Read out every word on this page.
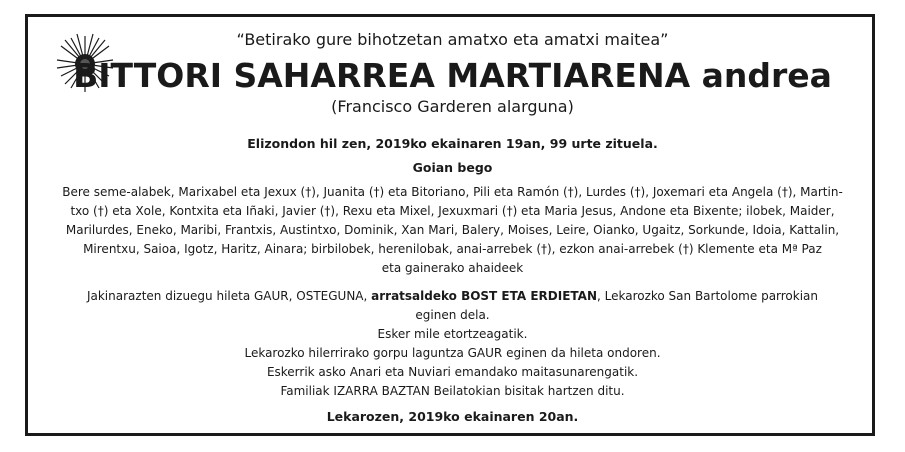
“Betirako gure bihotzetan amatxo eta amatxi maitea”
BITTORI SAHARREA MARTIARENA andrea
(Francisco Garderen alarguna)
Elizondon hil zen, 2019ko ekainaren 19an, 99 urte zituela.
Goian bego
Bere seme-alabek, Marixabel eta Jexux (†), Juanita (†) eta Bitoriano, Pili eta Ramón (†), Lurdes (†), Joxemari eta Angela (†), Martin-
txo (†) eta Xole, Kontxita eta Iñaki, Javier (†), Rexu eta Mixel, Jexuxmari (†) eta Maria Jesus, Andone eta Bixente; ilobek, Maider,
Marilurdes, Eneko, Maribi, Frantxis, Austintxo, Dominik, Xan Mari, Balery, Moises, Leire, Oianko, Ugaitz, Sorkunde, Idoia, Kattalin,
Mirentxu, Saioa, Igotz, Haritz, Ainara; birbilobek, herenilobak, anai-arrebek (†), ezkon anai-arrebek (†) Klemente eta Mª Paz
eta gainerako ahaideek
Jakinarazten dizuegu hileta GAUR, OSTEGUNA, arratsaldeko BOST ETA ERDIETAN, Lekarozko San Bartolome parrokian
eginen dela.
Esker mile etortzeagatik.
Lekarozko hilerrirako gorpu laguntza GAUR eginen da hileta ondoren.
Eskerrik asko Anari eta Nuviari emandako maitasunarengatik.
Familiak IZARRA BAZTAN Beilatokian bisitak hartzen ditu.
Lekarozen, 2019ko ekainaren 20an.
